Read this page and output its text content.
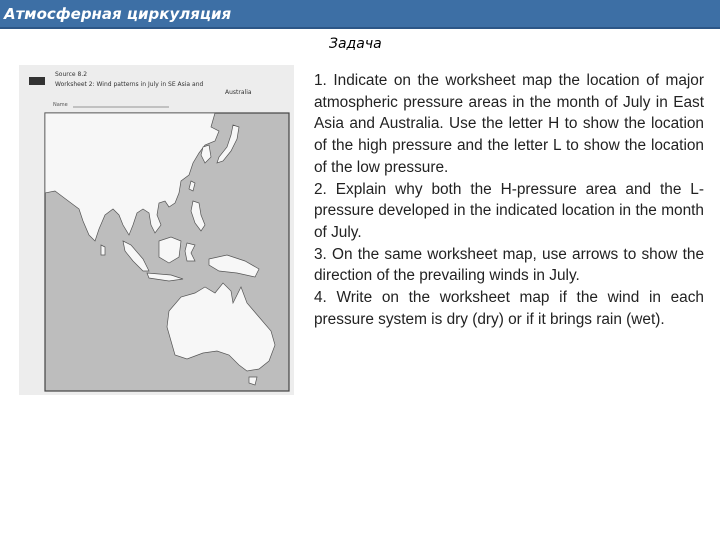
Атмосферная циркуляция
Задача
Source 8.2
Worksheet 2: Wind patterns in July in SE Asia and
Australia
Name

1. Indicate on the worksheet map the location of major atmospheric pressure areas in the month of July in East Asia and Australia. Use the letter H to show the location of the high pressure and the letter L to show the location of the low pressure.

2. Explain why both the H-pressure area and the L-pressure developed in the indicated location in the month of July.

3. On the same worksheet map, use arrows to show the direction of the prevailing winds in July.

4. Write on the worksheet map if the wind in each pressure system is dry (dry) or if it brings rain (wet).
